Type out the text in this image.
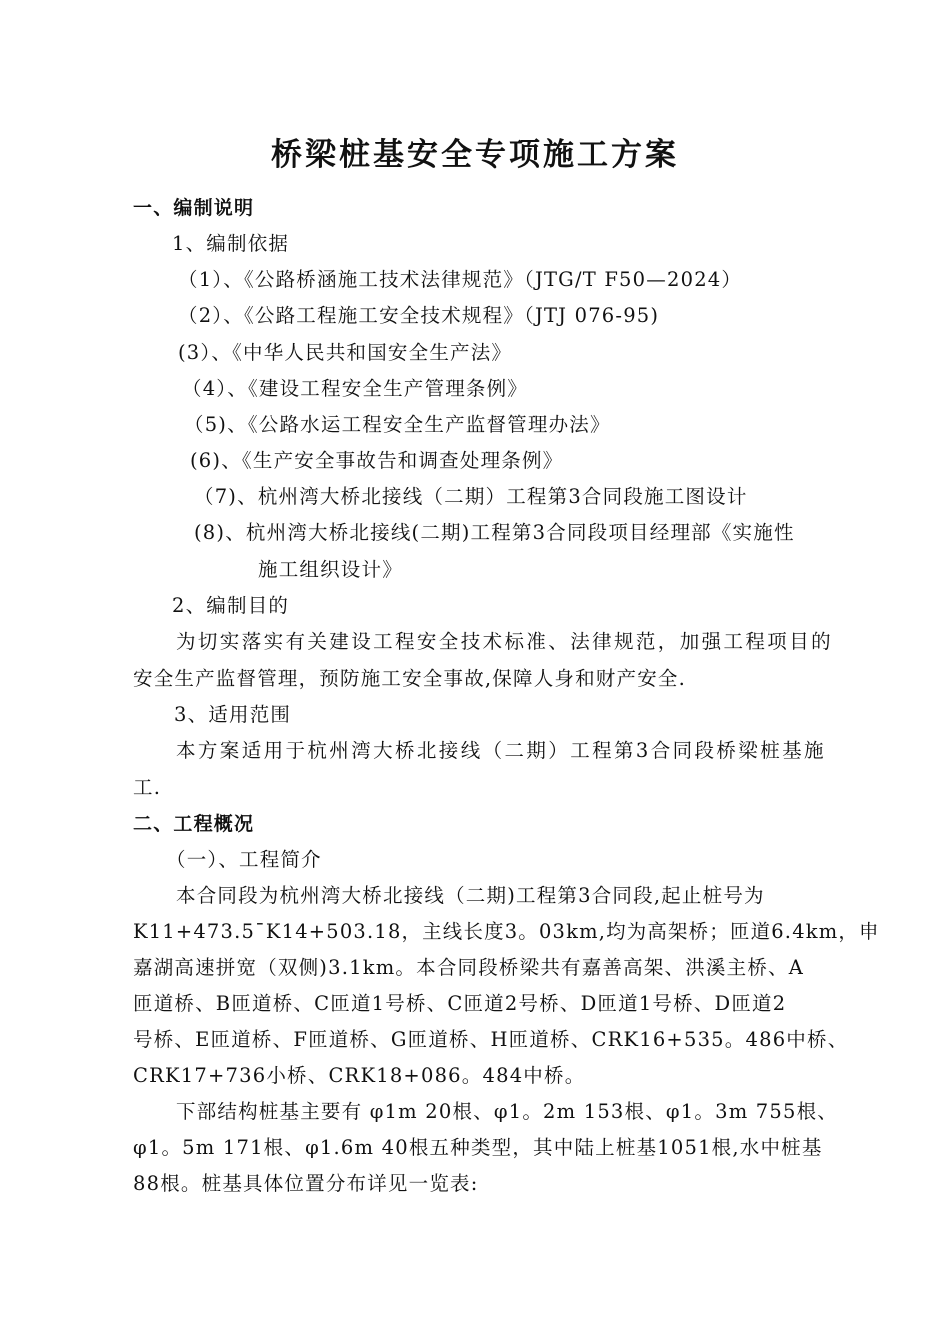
桥梁桩基安全专项施工方案
一、编制说明
1、编制依据
（1）、《公路桥涵施工技术法律规范》（JTG/T F50—2024）
（2）、《公路工程施工安全技术规程》（JTJ 076-95)
(3）、《中华人民共和国安全生产法》
（4）、《建设工程安全生产管理条例》
（5)、《公路水运工程安全生产监督管理办法》
(6)、《生产安全事故告和调查处理条例》
（7)、杭州湾大桥北接线（二期）工程第3合同段施工图设计
(8)、杭州湾大桥北接线(二期)工程第3合同段项目经理部《实施性
施工组织设计》
2、编制目的
为切实落实有关建设工程安全技术标准、法律规范，加强工程项目的
安全生产监督管理，预防施工安全事故,保障人身和财产安全.
3、适用范围
本方案适用于杭州湾大桥北接线（二期）工程第3合同段桥梁桩基施
工.
二、工程概况
（一）、工程简介
本合同段为杭州湾大桥北接线（二期)工程第3合同段,起止桩号为
K11+473.5¯K14+503.18，主线长度3。03km,均为高架桥；匝道6.4km，申
嘉湖高速拼宽（双侧)3.1km。本合同段桥梁共有嘉善高架、洪溪主桥、A
匝道桥、B匝道桥、C匝道1号桥、C匝道2号桥、D匝道1号桥、D匝道2
号桥、E匝道桥、F匝道桥、G匝道桥、H匝道桥、CRK16+535。486中桥、
CRK17+736小桥、CRK18+086。484中桥。
下部结构桩基主要有 φ1m 20根、φ1。2m 153根、φ1。3m 755根、
φ1。5m 171根、φ1.6m 40根五种类型，其中陆上桩基1051根,水中桩基
88根。桩基具体位置分布详见一览表:
